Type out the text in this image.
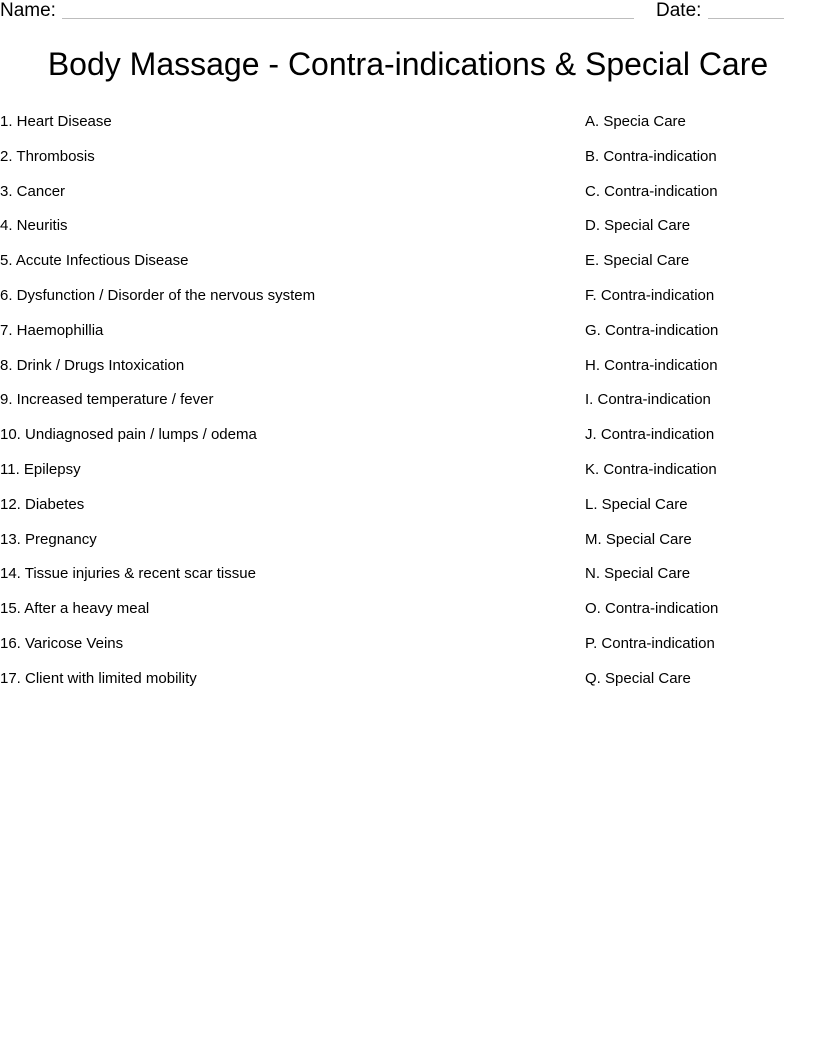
Name:	Date:
Body Massage - Contra-indications & Special Care
1. Heart Disease
2. Thrombosis
3. Cancer
4. Neuritis
5. Accute Infectious Disease
6. Dysfunction / Disorder of the nervous system
7. Haemophillia
8. Drink / Drugs Intoxication
9. Increased temperature / fever
10. Undiagnosed pain / lumps / odema
11. Epilepsy
12. Diabetes
13. Pregnancy
14. Tissue injuries & recent scar tissue
15. After a heavy meal
16. Varicose Veins
17. Client with limited mobility
A. Specia Care
B. Contra-indication
C. Contra-indication
D. Special Care
E. Special Care
F. Contra-indication
G. Contra-indication
H. Contra-indication
I. Contra-indication
J. Contra-indication
K. Contra-indication
L. Special Care
M. Special Care
N. Special Care
O. Contra-indication
P. Contra-indication
Q. Special Care
